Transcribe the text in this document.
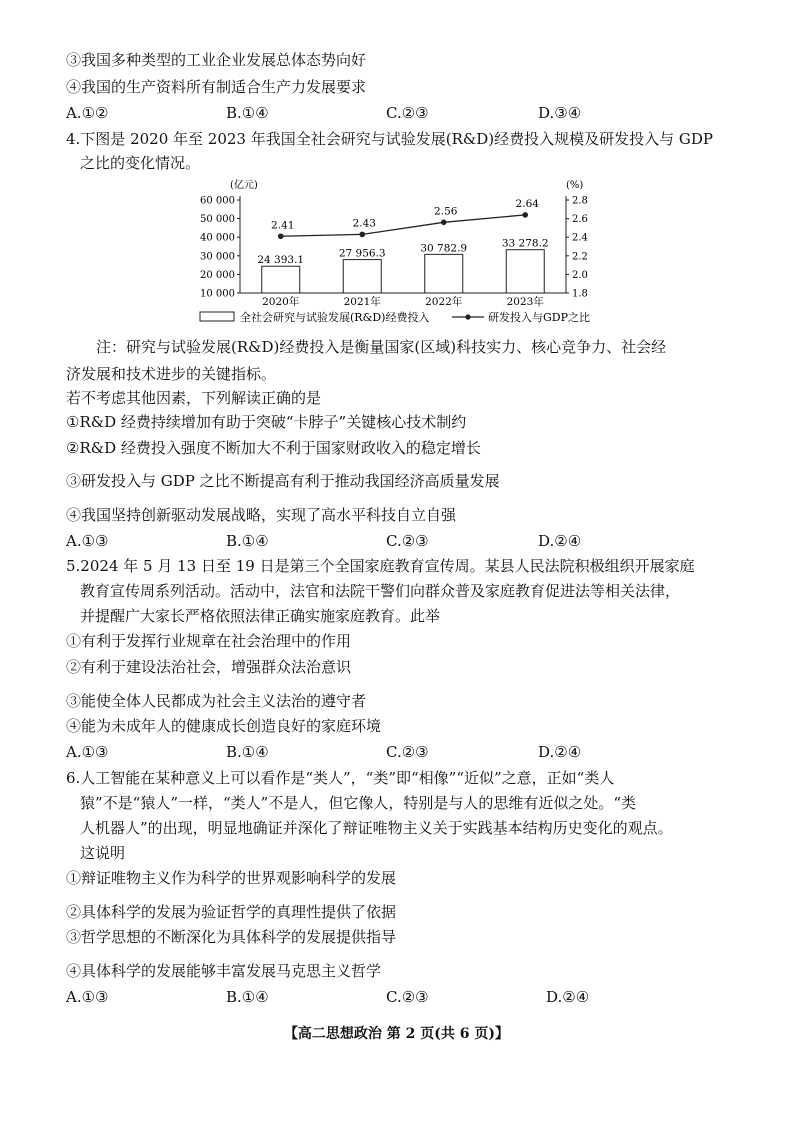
③我国多种类型的工业企业发展总体态势向好
④我国的生产资料所有制适合生产力发展要求
A.①②	B.①④	C.②③	D.③④
4.下图是 2020 年至 2023 年我国全社会研究与试验发展(R&D)经费投入规模及研发投入与 GDP
之比的变化情况。
(亿元)	(%)
10 000	1.8
20 000	2.0
30 000	2.2
40 000	2.4
50 000	2.6
60 000	2.8
24 393.1
27 956.3	30 782.9	33 278.2
2.41	2.43
2.56
2.64
2020年	2021年	2022年	2023年
全社会研究与试验发展(R&D)经费投入	研发投入与GDP之比
注：研究与试验发展(R&D)经费投入是衡量国家(区域)科技实力、核心竞争力、社会经
济发展和技术进步的关键指标。
若不考虑其他因素，下列解读正确的是
①R&D 经费持续增加有助于突破“卡脖子”关键核心技术制约
②R&D 经费投入强度不断加大不利于国家财政收入的稳定增长
③研发投入与 GDP 之比不断提高有利于推动我国经济高质量发展
④我国坚持创新驱动发展战略，实现了高水平科技自立自强
A.①③	B.①④	C.②③	D.②④
5.2024 年 5 月 13 日至 19 日是第三个全国家庭教育宣传周。某县人民法院积极组织开展家庭
教育宣传周系列活动。活动中，法官和法院干警们向群众普及家庭教育促进法等相关法律，
并提醒广大家长严格依照法律正确实施家庭教育。此举
①有利于发挥行业规章在社会治理中的作用
②有利于建设法治社会，增强群众法治意识
③能使全体人民都成为社会主义法治的遵守者
④能为未成年人的健康成长创造良好的家庭环境
A.①③	B.①④	C.②③	D.②④
6.人工智能在某种意义上可以看作是“类人”，“类”即“相像”“近似”之意，正如“类人
猿”不是“猿人”一样，“类人”不是人，但它像人，特别是与人的思维有近似之处。“类
人机器人”的出现，明显地确证并深化了辩证唯物主义关于实践基本结构历史变化的观点。
这说明
①辩证唯物主义作为科学的世界观影响科学的发展
②具体科学的发展为验证哲学的真理性提供了依据
③哲学思想的不断深化为具体科学的发展提供指导
④具体科学的发展能够丰富发展马克思主义哲学
A.①③	B.①④	C.②③	D.②④
【高二思想政治 第 2 页(共 6 页)】
